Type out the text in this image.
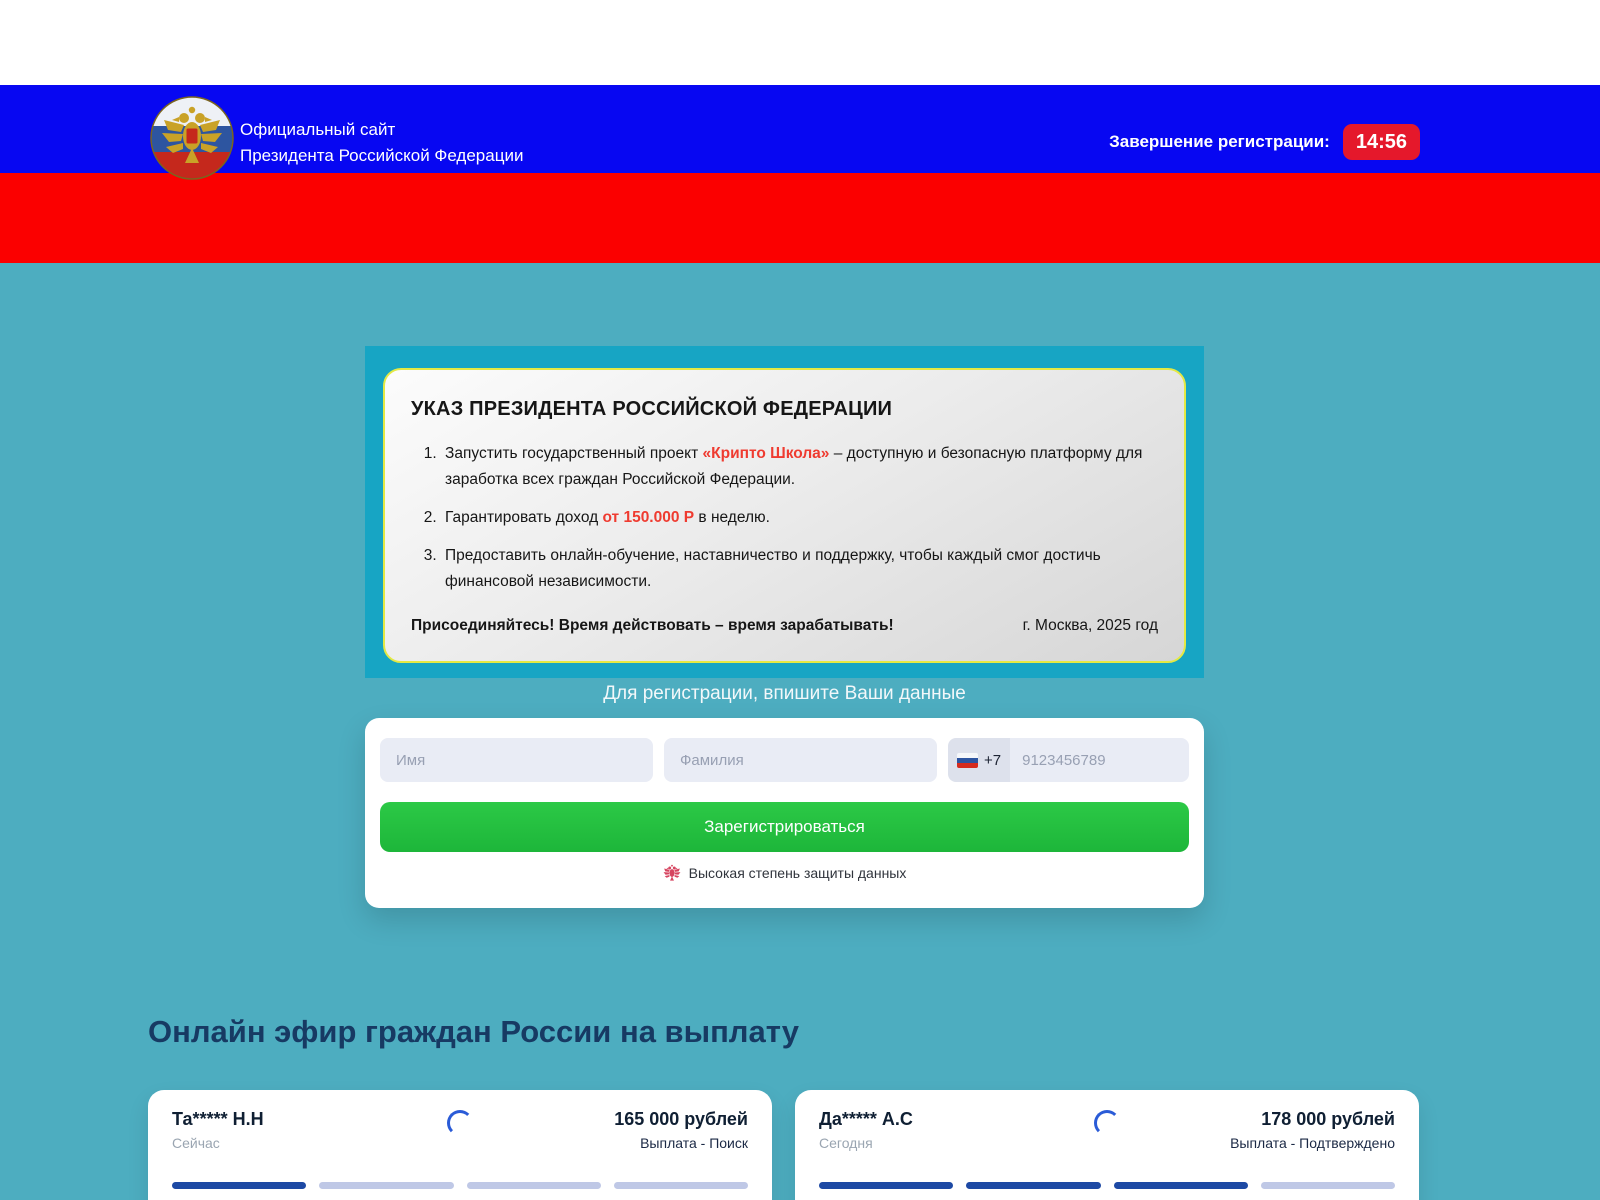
Официальный сайт
Президента Российской Федерации
Завершение регистрации:	14:56
УКАЗ ПРЕЗИДЕНТА РОССИЙСКОЙ ФЕДЕРАЦИИ
1. Запустить государственный проект «Крипто Школа» – доступную и безопасную платформу для заработка всех граждан Российской Федерации.
2. Гарантировать доход от 150.000 Р в неделю.
3. Предоставить онлайн-обучение, наставничество и поддержку, чтобы каждый смог достичь финансовой независимости.
Присоединяйтесь! Время действовать – время зарабатывать!	г. Москва, 2025 год
Для регистрации, впишите Ваши данные
Имя
Фамилия
+7
9123456789
Зарегистрироваться
Высокая степень защиты данных
Онлайн эфир граждан России на выплату
Та***** Н.Н
Сейчас
165 000 рублей
Выплата - Поиск
Да***** А.С
Сегодня
178 000 рублей
Выплата - Подтверждено
